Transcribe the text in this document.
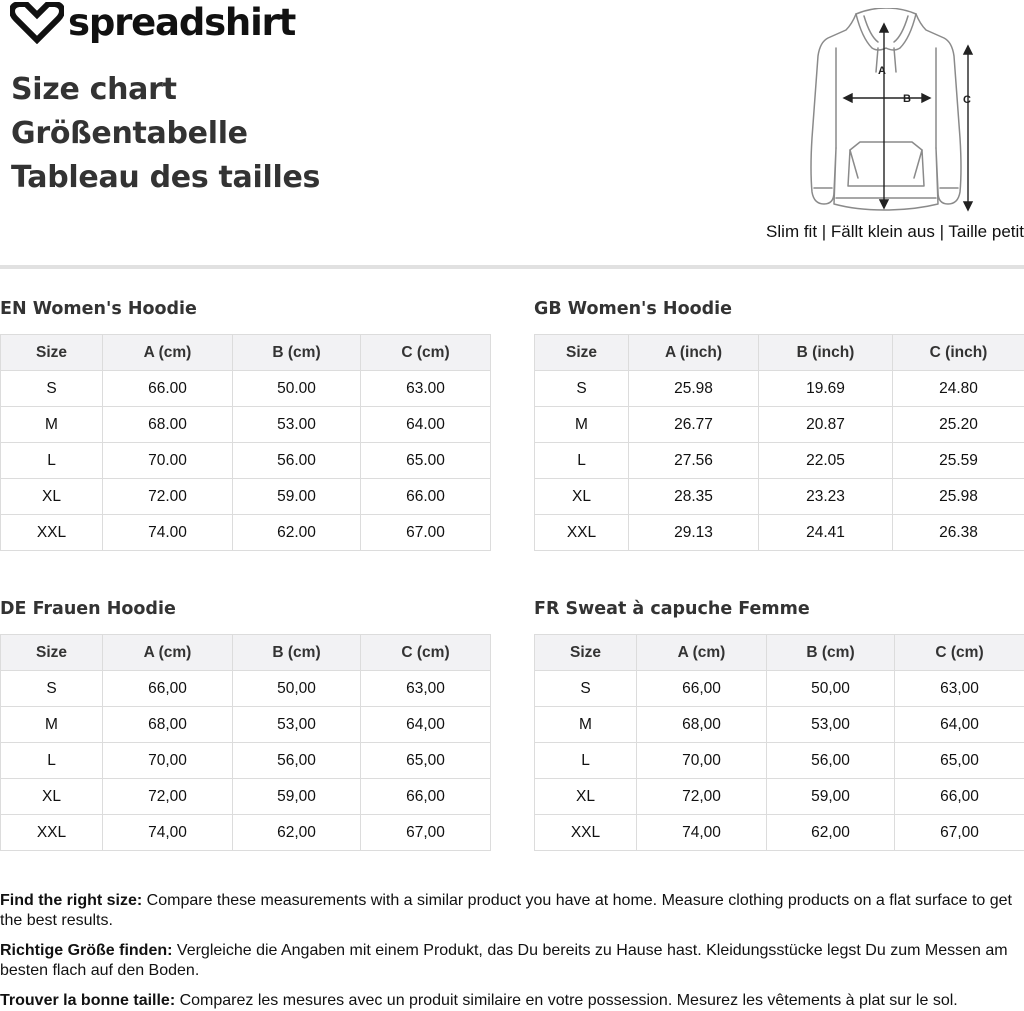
spreadshirt
Size chart
Größentabelle
Tableau des tailles
A
B	C
Slim fit | Fällt klein aus | Taille petit
EN Women's Hoodie
Size	A (cm)	B (cm)	C (cm)
S	66.00	50.00	63.00
M	68.00	53.00	64.00
L	70.00	56.00	65.00
XL	72.00	59.00	66.00
XXL	74.00	62.00	67.00
GB Women's Hoodie
Size	A (inch)	B (inch)	C (inch)
S	25.98	19.69	24.80
M	26.77	20.87	25.20
L	27.56	22.05	25.59
XL	28.35	23.23	25.98
XXL	29.13	24.41	26.38
DE Frauen Hoodie
Size	A (cm)	B (cm)	C (cm)
S	66,00	50,00	63,00
M	68,00	53,00	64,00
L	70,00	56,00	65,00
XL	72,00	59,00	66,00
XXL	74,00	62,00	67,00
FR Sweat à capuche Femme
Size	A (cm)	B (cm)	C (cm)
S	66,00	50,00	63,00
M	68,00	53,00	64,00
L	70,00	56,00	65,00
XL	72,00	59,00	66,00
XXL	74,00	62,00	67,00

Find the right size: Compare these measurements with a similar product you have at home. Measure clothing products on a flat surface to get the best results.

Richtige Größe finden: Vergleiche die Angaben mit einem Produkt, das Du bereits zu Hause hast. Kleidungsstücke legst Du zum Messen am besten flach auf den Boden.

Trouver la bonne taille: Comparez les mesures avec un produit similaire en votre possession. Mesurez les vêtements à plat sur le sol.
